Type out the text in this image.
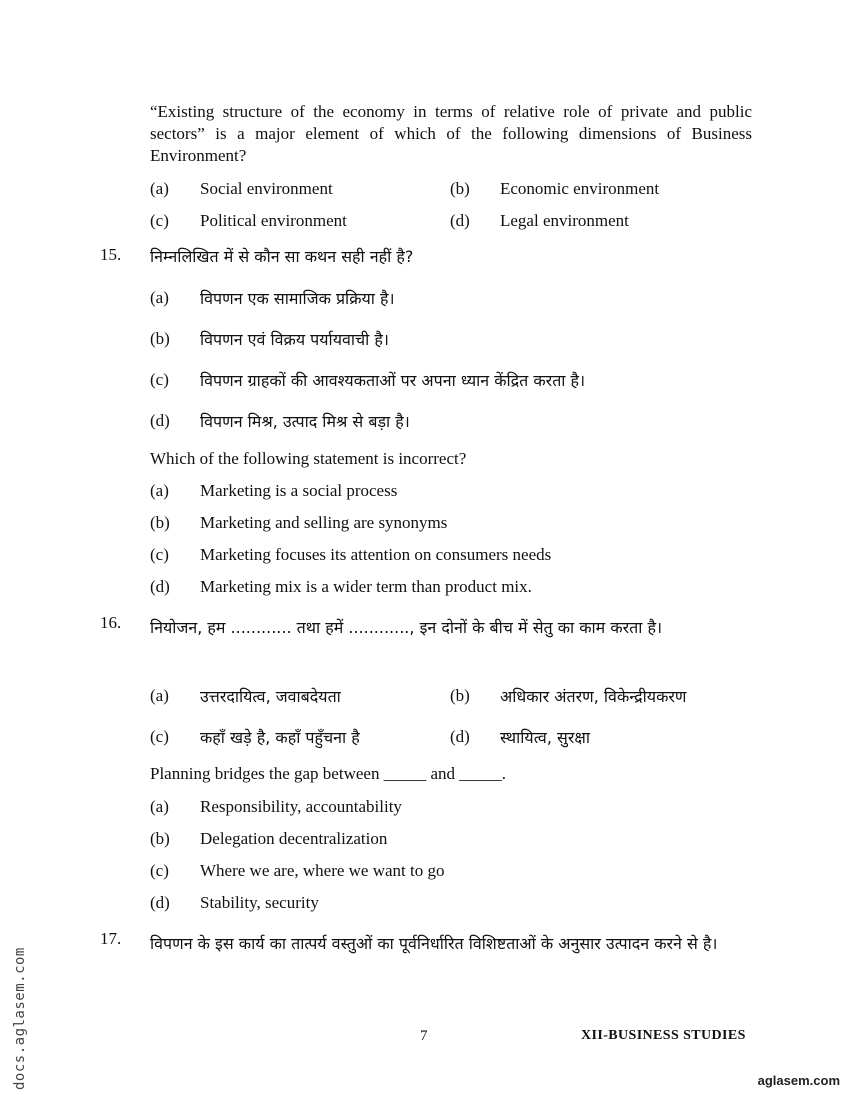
“Existing structure of the economy in terms of relative role of private and public sectors” is a major element of which of the following dimensions of Business Environment?
(a) Social environment	(b) Economic environment
(c) Political environment	(d) Legal environment
15. निम्नलिखित में से कौन सा कथन सही नहीं है?
(a) विपणन एक सामाजिक प्रक्रिया है।
(b) विपणन एवं विक्रय पर्यायवाची है।
(c) विपणन ग्राहकों की आवश्यकताओं पर अपना ध्यान केंद्रित करता है।
(d) विपणन मिश्र, उत्पाद मिश्र से बड़ा है।
Which of the following statement is incorrect?
(a) Marketing is a social process
(b) Marketing and selling are synonyms
(c) Marketing focuses its attention on consumers needs
(d) Marketing mix is a wider term than product mix.
16. नियोजन, हम ............ तथा हमें ............, इन दोनों के बीच में सेतु का काम करता है।
(a) उत्तरदायित्व, जवाबदेयता	(b) अधिकार अंतरण, विकेन्द्रीयकरण
(c) कहाँ खड़े है, कहाँ पहुँचना है	(d) स्थायित्व, सुरक्षा
Planning bridges the gap between _____ and _____.
(a) Responsibility, accountability
(b) Delegation decentralization
(c) Where we are, where we want to go
(d) Stability, security
17. विपणन के इस कार्य का तात्पर्य वस्तुओं का पूर्वनिर्धारित विशिष्टताओं के अनुसार उत्पादन करने से है।
7	XII-BUSINESS STUDIES
docs.aglasem.com	aglasem.com
